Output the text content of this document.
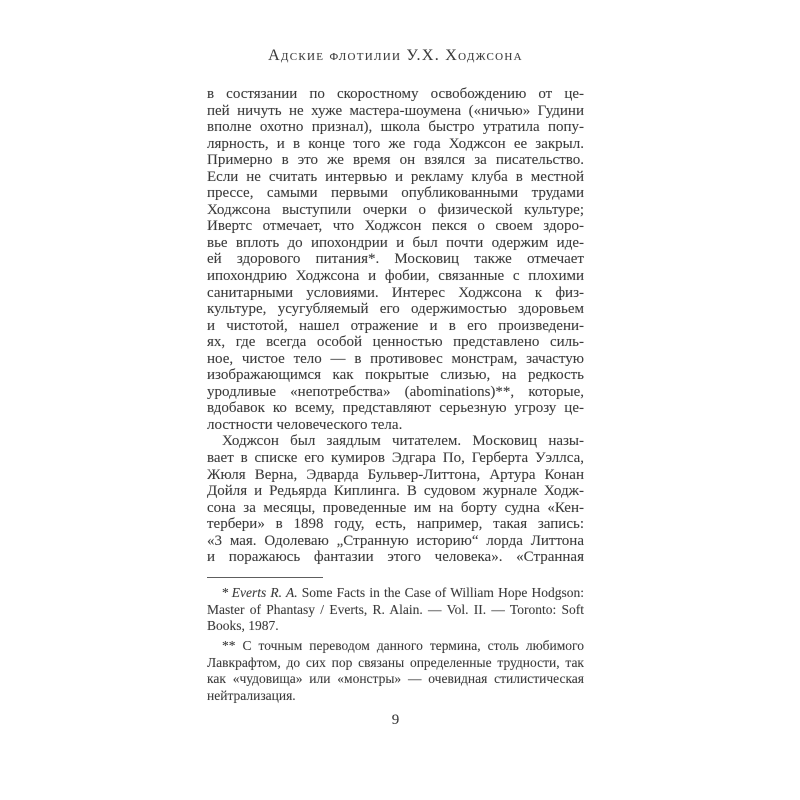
Адские флотилии У.Х. Ходжсона
в состязании по скоростному освобождению от це-
пей ничуть не хуже мастера-шоумена («ничью» Гудини
вполне охотно признал), школа быстро утратила попу-
лярность, и в конце того же года Ходжсон ее закрыл.
Примерно в это же время он взялся за писательство.
Если не считать интервью и рекламу клуба в местной
прессе, самыми первыми опубликованными трудами
Ходжсона выступили очерки о физической культуре;
Ивертс отмечает, что Ходжсон пекся о своем здоро-
вье вплоть до ипохондрии и был почти одержим иде-
ей здорового питания*. Московиц также отмечает
ипохондрию Ходжсона и фобии, связанные с плохими
санитарными условиями. Интерес Ходжсона к физ-
культуре, усугубляемый его одержимостью здоровьем
и чистотой, нашел отражение и в его произведени-
ях, где всегда особой ценностью представлено силь-
ное, чистое тело — в противовес монстрам, зачастую
изображающимся как покрытые слизью, на редкость
уродливые «непотребства» (abominations)**, которые,
вдобавок ко всему, представляют серьезную угрозу це-
лостности человеческого тела.
Ходжсон был заядлым читателем. Московиц назы-
вает в списке его кумиров Эдгара По, Герберта Уэллса,
Жюля Верна, Эдварда Бульвер-Литтона, Артура Конан
Дойля и Редьярда Киплинга. В судовом журнале Ходж-
сона за месяцы, проведенные им на борту судна «Кен-
тербери» в 1898 году, есть, например, такая запись:
«3 мая. Одолеваю „Странную историю“ лорда Литтона
и поражаюсь фантазии этого человека». «Странная
* Everts R. A. Some Facts in the Case of William Hope Hodgson:
Master of Phantasy / Everts, R. Alain. — Vol. II. — Toronto: Soft
Books, 1987.
** С точным переводом данного термина, столь любимого
Лавкрафтом, до сих пор связаны определенные трудности, так
как «чудовища» или «монстры» — очевидная стилистическая
нейтрализация.
9
